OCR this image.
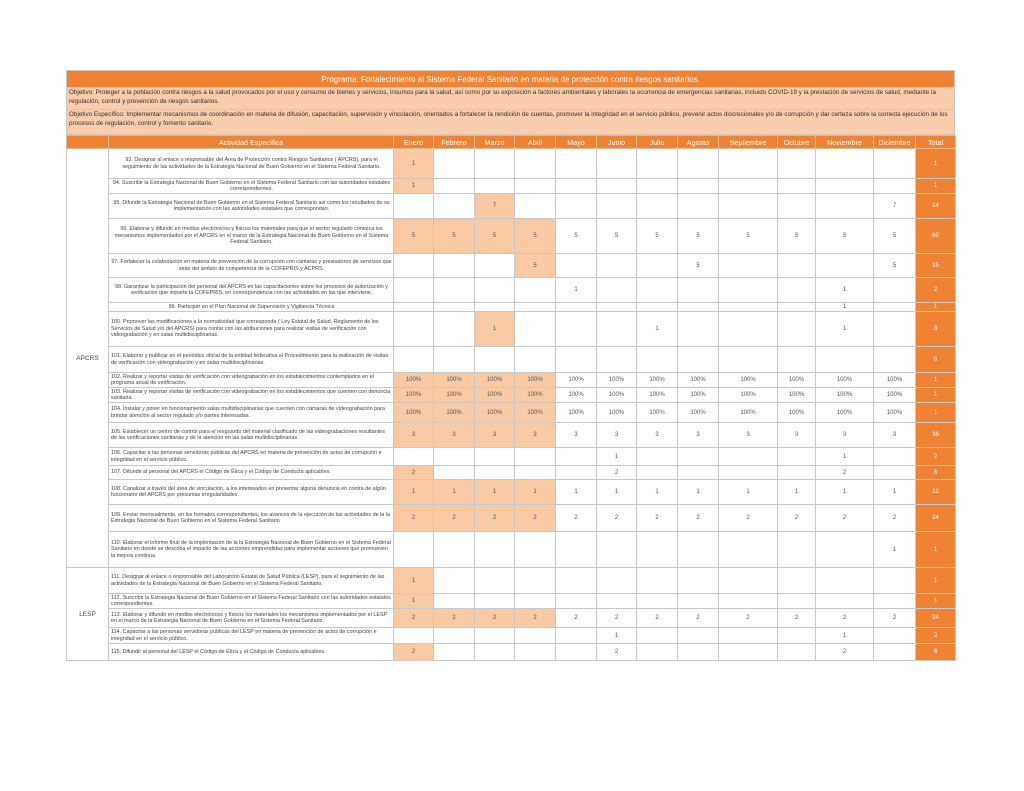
Programa: Fortalecimiento al Sistema Federal Sanitario en materia de protección contra riesgos sanitarios.
Objetivo: Proteger a la población contra riesgos a la salud provocados por el uso y consumo de bienes y servicios, insumos para la salud, así como por su exposición a factores ambientales y laborales la ocurrencia de emergencias sanitarias, incluido COVID-19 y la prestación de servicios de salud, mediante la regulación, control y prevención de riesgos sanitarios.
Objetivo Específico: Implementar mecanismos de coordinación en materia de difusión, capacitación, supervisión y vinculación, orientados a fortalecer la rendición de cuentas, promover la integridad en el servicio público, prevenir actos discrecionales y/o de corrupción y dar certeza sobre la correcta ejecución de los procesos de regulación, control y fomento sanitario.
	Actividad Específica	Enero	Febrero	Marzo	Abril	Mayo	Junio	Julio	Agosto	Septiembre	Octubre	Noviembre	Diciembre	Total
APCRS	93. Designar al enlace o responsable del Área de Protección contra Riesgos Sanitarios ( APCRS), para el seguimiento de las actividades de la Estrategia Nacional de Buen Gobierno en el Sistema Federal Sanitario.	1												1
	94. Suscribir la Estrategia Nacional de Buen Gobierno en el Sistema Federal Sanitario con las autoridades estatales correspondientes.	1												1
	95. Difundir la Estrategia Nacional de Buen Gobierno en el Sistema Federal Sanitario así como los resultados de su implementación con las autoridades estatales que correspondan.			7									7	14
	96. Elaborar y difundir en medios electrónicos y físicos los materiales para que el sector regulado conozca los mecanismos implementados por el APCRS en el marco de la Estrategia Nacional de Buen Gobierno en el Sistema Federal Sanitario.	5	5	5	5	5	5	5	5	5	5	5	5	60
	97. Fortalecer la colaboración en materia de prevención de la corrupción con cámaras y prestadores de servicios que sean del ámbito de competencia de la COFEPRIS y ACPRS.				5				5				5	15
	98. Garantizar la participación del personal del APCRS en las capacitaciones sobre los procesos de autorización y verificación que imparte la COFEPRIS, en correspondencia con las actividades en las que interviene.					1						1		2
	99. Participar en el Plan Nacional de Supervisión y Vigilancia Técnica											1		1
	100. Promover las modificaciones a la normatividad que corresponda ( Ley Estatal de Salud, Reglamento de los Servicios de Salud y/o del APCRS) para contar con las atribuciones para realizar visitas de verificación con videograbación y en salas multidisciplinarias.			1				1				1		3
	101. Elaborar y publicar en el periódico oficial de la entidad federativa el Procedimiento para la realización de visitas de verificación con videograbación y en salas multidisciplinarias.													0
	102. Realizar y reportar visitas de verificación con videograbación en los establecimientos contemplados en el programa anual de verificación.	100%	100%	100%	100%	100%	100%	100%	100%	100%	100%	100%	100%	1
	103. Realizar y reportar visitas de verificación con videograbación en los establecimientos que cuenten con denuncia sanitaria.	100%	100%	100%	100%	100%	100%	100%	100%	100%	100%	100%	100%	1
	104. Instalar y poner en funcionamiento salas multidisciplinarias que cuenten con cámaras de videograbación para brindar atención al sector regulado y/o partes interesadas.	100%	100%	100%	100%	100%	100%	100%	100%	100%	100%	100%	100%	1
	105. Establecer un centro de control para el resguardo del material clasificado de las videograbaciones resultantes de las verificaciones sanitarias y de la atención en las salas multidisciplinarias.	3	3	3	3	3	3	3	3	3	3	3	3	36
	106. Capacitar a las personas servidoras públicas del APCRS en materia de prevención de actos de corrupción e integridad en el servicio público.						1					1		2
	107. Difundir al personal del APCRS el Código de Ética y el Código de Conducta aplicables.	2					2					2		6
	108. Canalizar a través del área de vinculación, a los interesados en presentar alguna denuncia en contra de algún funcionario del APCRS por presuntas irregularidades.	1	1	1	1	1	1	1	1	1	1	1	1	12
	109. Enviar mensualmente, en los formatos correspondientes, los avances de la ejecución de las actividades de la la Estrategia Nacional de Buen Gobierno en el Sistema Federal Sanitario	2	2	2	2	2	2	2	2	2	2	2	2	24
	110. Elaborar el informe final de la implentación de la la Estrategia Nacional de Buen Gobierno en el Sistema Federal Sanitario en donde se describa el impacto de las acciones emprendidas para implementar acciones que promueven la mejora continua.												1	1
LESP	111. Designar al enlace o responsable del Laboratorio Estatal de Salud Pública (LESP), para el seguimiento de las actividades de la Estrategia Nacional de Buen Gobierno en el Sistema Federal Sanitario.	1												1
	112. Suscribir la Estrategia Nacional de Buen Gobierno en el Sistema Federal Sanitario con las autoridades estatales correspondientes.	1												1
	113. Elaborar y difundir en medios electrónicos y físicos los materiales los mecanismos implementados por el LESP en el marco de la Estrategia Nacional de Buen Gobierno en el Sistema Federal Sanitario.	2	2	2	2	2	2	2	2	2	2	2	2	24
	114. Capacitar a las personas servidoras públicas del LESP en materia de prevención de actos de corrupción e integridad en el servicio público.						1					1		2
	115. Difundir al personal del LESP el Código de Ética y el Código de Conducta aplicables.	2					2					2		6
